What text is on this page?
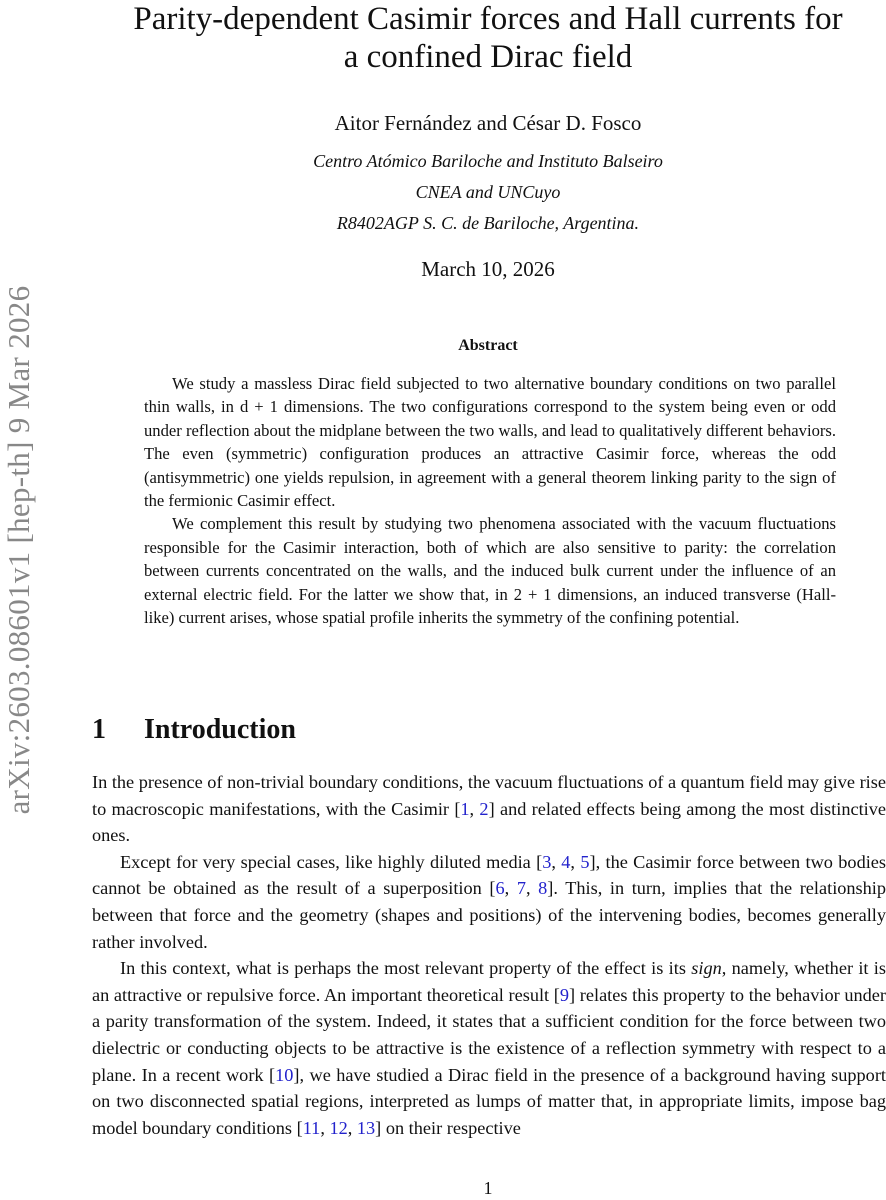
arXiv:2603.08601v1 [hep-th] 9 Mar 2026
Parity-dependent Casimir forces and Hall currents for
a confined Dirac field
Aitor Fernández and César D. Fosco
Centro Atómico Bariloche and Instituto Balseiro
CNEA and UNCuyo
R8402AGP S. C. de Bariloche, Argentina.
March 10, 2026
Abstract

We study a massless Dirac field subjected to two alternative boundary conditions on two parallel thin walls, in d + 1 dimensions. The two configurations correspond to the system being even or odd under reflection about the midplane between the two walls, and lead to qualitatively different behaviors. The even (symmetric) configuration produces an attractive Casimir force, whereas the odd (antisymmetric) one yields repulsion, in agreement with a general theorem linking parity to the sign of the fermionic Casimir effect.

We complement this result by studying two phenomena associated with the vacuum fluctuations responsible for the Casimir interaction, both of which are also sensitive to parity: the correlation between currents concentrated on the walls, and the induced bulk current under the influence of an external electric field. For the latter we show that, in 2 + 1 dimensions, an induced transverse (Hall-like) current arises, whose spatial profile inherits the symmetry of the confining potential.

1 Introduction

In the presence of non-trivial boundary conditions, the vacuum fluctuations of a quantum field may give rise to macroscopic manifestations, with the Casimir [1, 2] and related effects being among the most distinctive ones.

Except for very special cases, like highly diluted media [3, 4, 5], the Casimir force between two bodies cannot be obtained as the result of a superposition [6, 7, 8]. This, in turn, implies that the relationship between that force and the geometry (shapes and positions) of the intervening bodies, becomes generally rather involved.

In this context, what is perhaps the most relevant property of the effect is its sign, namely, whether it is an attractive or repulsive force. An important theoretical result [9] relates this property to the behavior under a parity transformation of the system. Indeed, it states that a sufficient condition for the force between two dielectric or conducting objects to be attractive is the existence of a reflection symmetry with respect to a plane. In a recent work [10], we have studied a Dirac field in the presence of a background having support on two disconnected spatial regions, interpreted as lumps of matter that, in appropriate limits, impose bag model boundary conditions [11, 12, 13] on their respective

1
